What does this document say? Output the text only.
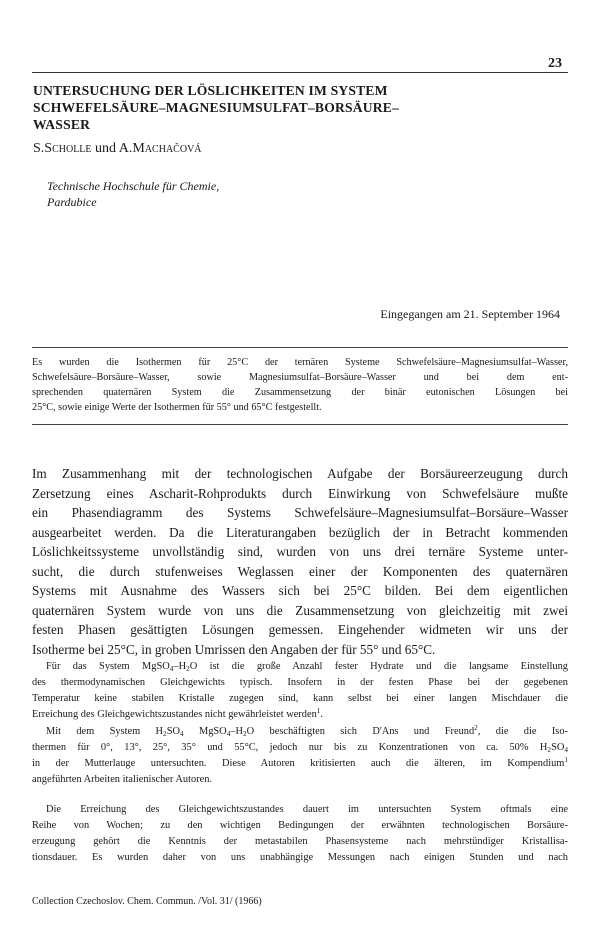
23
UNTERSUCHUNG DER LÖSLICHKEITEN IM SYSTEM
SCHWEFELSÄURE–MAGNESIUMSULFAT–BORSÄURE–
WASSER
S.Scholle und A.Machačová
Technische Hochschule für Chemie,
Pardubice
Eingegangen am 21. September 1964
Es wurden die Isothermen für 25°C der ternären Systeme Schwefelsäure–Magnesiumsulfat–Wasser,
Schwefelsäure–Borsäure–Wasser, sowie Magnesiumsulfat–Borsäure–Wasser und bei dem ent-
sprechenden quaternären System die Zusammensetzung der binär eutonischen Lösungen bei
25°C, sowie einige Werte der Isothermen für 55° und 65°C festgestellt.
Im Zusammenhang mit der technologischen Aufgabe der Borsäureerzeugung durch
Zersetzung eines Ascharit-Rohprodukts durch Einwirkung von Schwefelsäure mußte
ein Phasendiagramm des Systems Schwefelsäure–Magnesiumsulfat–Borsäure–Wasser
ausgearbeitet werden. Da die Literaturangaben bezüglich der in Betracht kommenden
Löslichkeitssysteme unvollständig sind, wurden von uns drei ternäre Systeme unter-
sucht, die durch stufenweises Weglassen einer der Komponenten des quaternären
Systems mit Ausnahme des Wassers sich bei 25°C bilden. Bei dem eigentlichen
quaternären System wurde von uns die Zusammensetzung von gleichzeitig mit zwei
festen Phasen gesättigten Lösungen gemessen. Eingehender widmeten wir uns der
Isotherme bei 25°C, in groben Umrissen den Angaben der für 55° und 65°C.
Für das System $MgSO_4-H_2O$ ist die große Anzahl fester Hydrate und die langsame Einstellung
des thermodynamischen Gleichgewichts typisch. Insofern in der festen Phase bei der gegebenen
Temperatur keine stabilen Kristalle zugegen sind, kann selbst bei einer langen Mischdauer die
Erreichung des Gleichgewichtszustandes nicht gewährleistet werden$^1$.
Mit dem System $H_2SO_4$ $MgSO_4-H_2O$ beschäftigten sich D'Ans und Freund$^2$, die die Iso-
thermen für 0°, 13°, 25°, 35° und 55°C, jedoch nur bis zu Konzentrationen von ca. 50% $H_2SO_4$
in der Mutterlauge untersuchten. Diese Autoren kritisierten auch die älteren, im Kompendium$^1$
angeführten Arbeiten italienischer Autoren.
Die Erreichung des Gleichgewichtszustandes dauert im untersuchten System oftmals eine
Reihe von Wochen; zu den wichtigen Bedingungen der erwähnten technologischen Borsäure-
erzeugung gehört die Kenntnis der metastabilen Phasensysteme nach mehrstündiger Kristallisa-
tionsdauer. Es wurden daher von uns unabhängige Messungen nach einigen Stunden und nach
Collection Czechoslov. Chem. Commun. /Vol. 31/ (1966)
